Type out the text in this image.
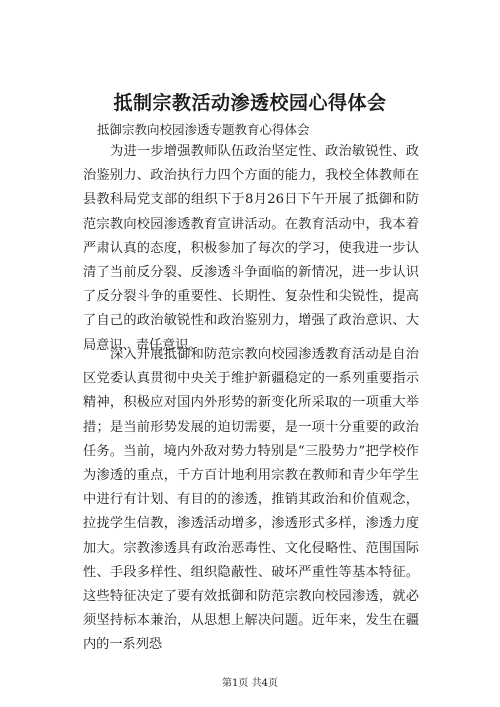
抵制宗教活动渗透校园心得体会
抵御宗教向校园渗透专题教育心得体会

为进一步增强教师队伍政治坚定性、政治敏锐性、政治鉴别力、政治执行力四个方面的能力，我校全体教师在县教科局党支部的组织下于8月26日下午开展了抵御和防范宗教向校园渗透教育宣讲活动。在教育活动中，我本着严肃认真的态度，积极参加了每次的学习，使我进一步认清了当前反分裂、反渗透斗争面临的新情况，进一步认识了反分裂斗争的重要性、长期性、复杂性和尖锐性，提高了自己的政治敏锐性和政治鉴别力，增强了政治意识、大局意识、责任意识。

深入开展抵御和防范宗教向校园渗透教育活动是自治区党委认真贯彻中央关于维护新疆稳定的一系列重要指示精神，积极应对国内外形势的新变化所采取的一项重大举措；是当前形势发展的迫切需要，是一项十分重要的政治任务。当前，境内外敌对势力特别是“三股势力”把学校作为渗透的重点，千方百计地利用宗教在教师和青少年学生中进行有计划、有目的的渗透，推销其政治和价值观念，拉拢学生信教，渗透活动增多，渗透形式多样，渗透力度加大。宗教渗透具有政治恶毒性、文化侵略性、范围国际性、手段多样性、组织隐蔽性、破坏严重性等基本特征。这些特征决定了要有效抵御和防范宗教向校园渗透，就必须坚持标本兼治，从思想上解决问题。近年来，发生在疆内的一系列恐

第1页 共4页
